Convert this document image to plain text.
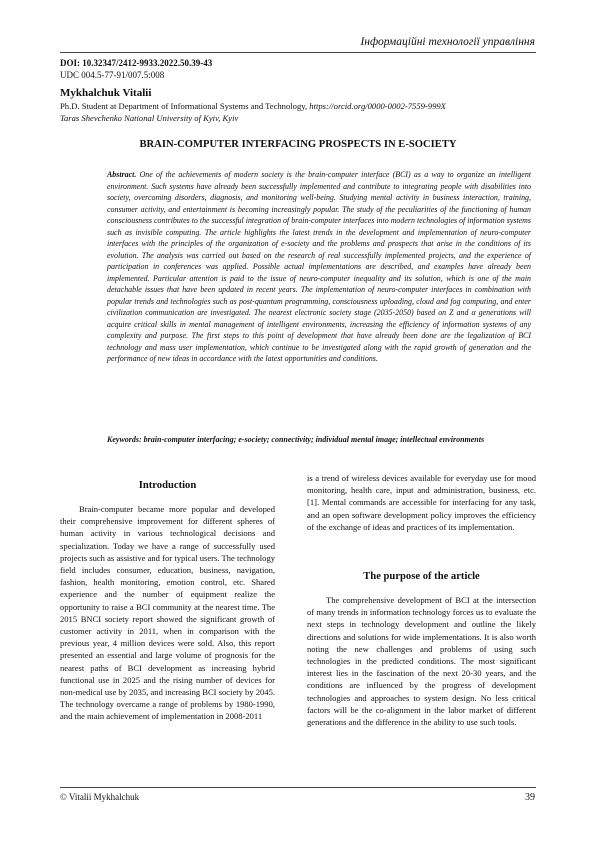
Інформаційні технології управління
DOI: 10.32347/2412-9933.2022.50.39-43
UDC 004.5-77-91/007.5:008
Mykhalchuk Vitalii
Ph.D. Student at Department of Informational Systems and Technology, https://orcid.org/0000-0002-7559-999X
Taras Shevchenko National University of Kyiv, Kyiv
BRAIN-COMPUTER INTERFACING PROSPECTS IN E-SOCIETY
Abstract. One of the achievements of modern society is the brain-computer interface (BCI) as a way to organize an intelligent environment. Such systems have already been successfully implemented and contribute to integrating people with disabilities into society, overcoming disorders, diagnosis, and monitoring well-being. Studying mental activity in business interaction, training, consumer activity, and entertainment is becoming increasingly popular. The study of the peculiarities of the functioning of human consciousness contributes to the successful integration of brain-computer interfaces into modern technologies of information systems such as invisible computing. The article highlights the latest trends in the development and implementation of neuro-computer interfaces with the principles of the organization of e-society and the problems and prospects that arise in the conditions of its evolution. The analysis was carried out based on the research of real successfully implemented projects, and the experience of participation in conferences was applied. Possible actual implementations are described, and examples have already been implemented. Particular attention is paid to the issue of neuro-computer inequality and its solution, which is one of the main detachable issues that have been updated in recent years. The implementation of neuro-computer interfaces in combination with popular trends and technologies such as post-quantum programming, consciousness uploading, cloud and fog computing, and enter civilization communication are investigated. The nearest electronic society stage (2035-2050) based on Z and α generations will acquire critical skills in mental management of intelligent environments, increasing the efficiency of information systems of any complexity and purpose. The first steps to this point of development that have already been done are the legalization of BCI technology and mass user implementation, which continue to be investigated along with the rapid growth of generation and the performance of new ideas in accordance with the latest opportunities and conditions.
Keywords: brain-computer interfacing; e-society; connectivity; individual mental image; intellectual environments
Introduction

Brain-computer became more popular and developed their comprehensive improvement for different spheres of human activity in various technological decisions and specialization. Today we have a range of successfully used projects such as assistive and for typical users. The technology field includes consumer, education, business, navigation, fashion, health monitoring, emotion control, etc. Shared experience and the number of equipment realize the opportunity to raise a BCI community at the nearest time. The 2015 BNCI society report showed the significant growth of customer activity in 2011, when in comparison with the previous year, 4 million devices were sold. Also, this report presented an essential and large volume of prognosis for the nearest paths of BCI development as increasing hybrid functional use in 2025 and the rising number of devices for non-medical use by 2035, and increasing BCI society by 2045. The technology overcame a range of problems by 1980-1990, and the main achievement of implementation in 2008-2011

is a trend of wireless devices available for everyday use for mood monitoring, health care, input and administration, business, etc. [1]. Mental commands are accessible for interfacing for any task, and an open software development policy improves the efficiency of the exchange of ideas and practices of its implementation.

The purpose of the article

The comprehensive development of BCI at the intersection of many trends in information technology forces us to evaluate the next steps in technology development and outline the likely directions and solutions for wide implementations. It is also worth noting the new challenges and problems of using such technologies in the predicted conditions. The most significant interest lies in the fascination of the next 20-30 years, and the conditions are influenced by the progress of development technologies and approaches to system design. No less critical factors will be the co-alignment in the labor market of different generations and the difference in the ability to use such tools.

© Vitalii Mykhalchuk	39
